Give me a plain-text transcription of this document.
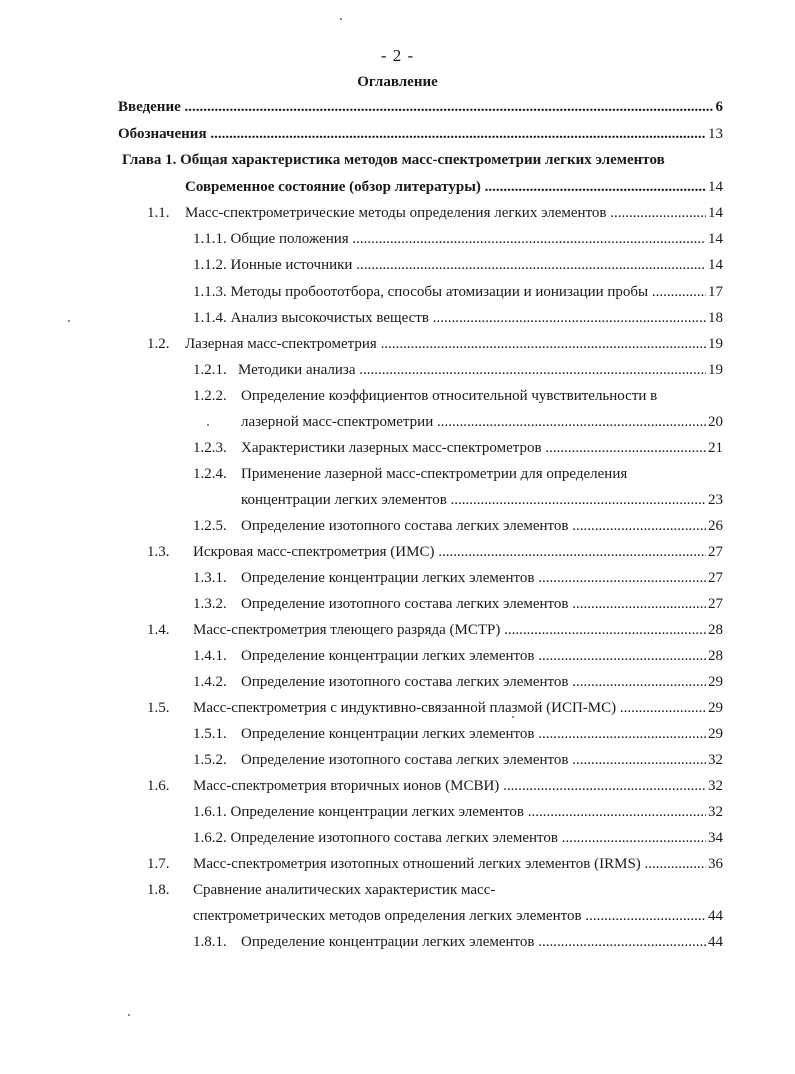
- 2 -
Оглавление
Введение .....	6
Обозначения .....	13
Глава 1. Общая характеристика методов масс-спектрометрии легких элементов
Современное состояние (обзор литературы) .....	14
1.1. Масс-спектрометрические методы определения легких элементов .....	14
1.1.1. Общие положения .....	14
1.1.2. Ионные источники .....	14
1.1.3. Методы пробоототбора, способы атомизации и ионизации пробы .....	17
1.1.4. Анализ высокочистых веществ .....	18
1.2. Лазерная масс-спектрометрия .....	19
1.2.1. Методики анализа .....	19
1.2.2. Определение коэффициентов относительной чувствительности в
лазерной масс-спектрометрии .....	20
1.2.3. Характеристики лазерных масс-спектрометров .....	21
1.2.4. Применение лазерной масс-спектрометрии для определения
концентрации легких элементов .....	23
1.2.5. Определение изотопного состава легких элементов .....	26
1.3. Искровая масс-спектрометрия (ИМС) .....	27
1.3.1. Определение концентрации легких элементов .....	27
1.3.2. Определение изотопного состава легких элементов .....	27
1.4. Масс-спектрометрия тлеющего разряда (МСТР) .....	28
1.4.1. Определение концентрации легких элементов .....	28
1.4.2. Определение изотопного состава легких элементов .....	29
1.5. Масс-спектрометрия с индуктивно-связанной плазмой (ИСП-МС) .....	29
1.5.1. Определение концентрации легких элементов .....	29
1.5.2. Определение изотопного состава легких элементов .....	32
1.6. Масс-спектрометрия вторичных ионов (МСВИ) .....	32
1.6.1. Определение концентрации легких элементов .....	32
1.6.2. Определение изотопного состава легких элементов .....	34
1.7. Масс-спектрометрия изотопных отношений легких элементов (IRMS) .....	36
1.8. Сравнение аналитических характеристик масс-
спектрометрических методов определения легких элементов .....	44
1.8.1. Определение концентрации легких элементов .....	44
